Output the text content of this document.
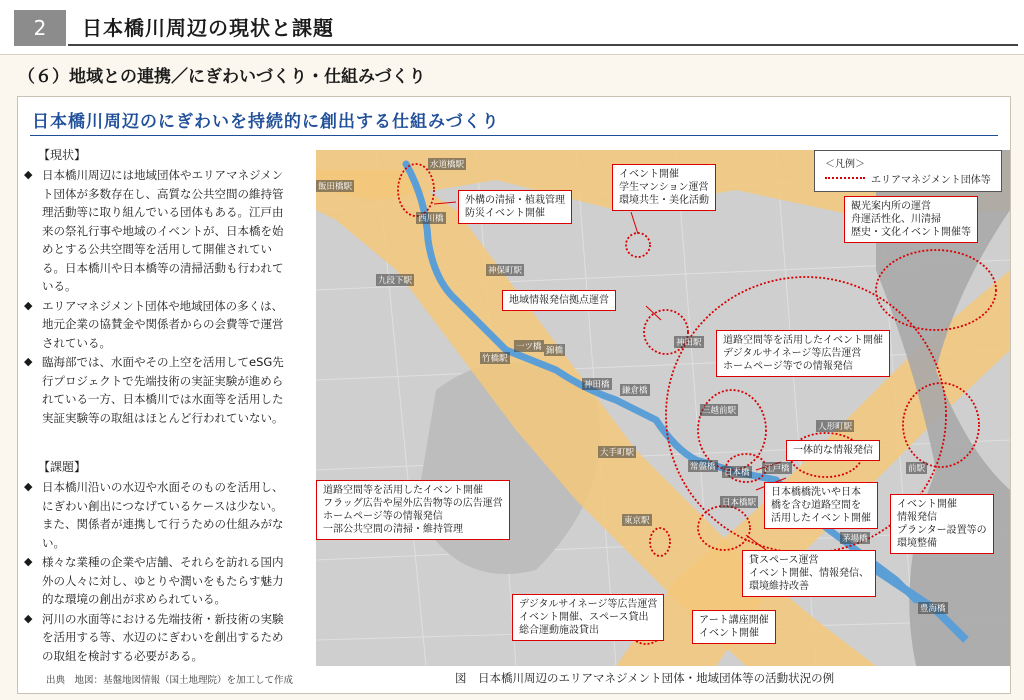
2	日本橋川周辺の現状と課題
（６）地域との連携／にぎわいづくり・仕組みづくり
日本橋川周辺のにぎわいを持続的に創出する仕組みづくり
【現状】
◆ 日本橋川周辺には地域団体やエリアマネジメント団体が多数存在し、高質な公共空間の維持管理活動等に取り組んでいる団体もある。江戸由来の祭礼行事や地域のイベントが、日本橋を始めとする公共空間等を活用して開催されている。日本橋川や日本橋等の清掃活動も行われている。
◆ エリアマネジメント団体や地域団体の多くは、地元企業の協賛金や関係者からの会費等で運営されている。
◆ 臨海部では、水面やその上空を活用してeSG先行プロジェクトで先端技術の実証実験が進められている一方、日本橋川では水面等を活用した実証実験等の取組はほとんど行われていない。
【課題】
◆ 日本橋川沿いの水辺や水面そのものを活用し、にぎわい創出につなげているケースは少ない。また、関係者が連携して行うための仕組みがない。
◆ 様々な業種の企業や店舗、それらを訪れる国内外の人々に対し、ゆとりや潤いをもたらす魅力的な環境の創出が求められている。
◆ 河川の水面等における先端技術・新技術の実験を活用する等、水辺のにぎわいを創出するための取組を検討する必要がある。
出典　地図：基盤地図情報（国土地理院）を加工して作成
水道橋駅
飯田橋駅
九段下駅
神保町駅
竹橋駅
神田駅
三越前駅
人形町駅
大手町駅
東京駅
日本橋駅
前駅
西川橋
一ツ橋 錦橋
神田橋
鎌倉橋
常盤橋
日本橋 江戸橋
茅場橋
豊海橋
＜凡例＞
エリアマネジメント団体等
外構の清掃・植栽管理
防災イベント開催
イベント開催
学生マンション運営
環境共生・美化活動
観光案内所の運営
舟運活性化、川清掃
歴史・文化イベント開催等
地域情報発信拠点運営
道路空間等を活用したイベント開催
デジタルサイネージ等広告運営
ホームページ等での情報発信
一体的な情報発信
道路空間等を活用したイベント開催
フラッグ広告や屋外広告物等の広告運営
ホームページ等の情報発信
一部公共空間の清掃・維持管理
日本橋橋洗いや日本
橋を含む道路空間を
活用したイベント開催
イベント開催
情報発信
プランター設置等の
環境整備
貸スペース運営
イベント開催、情報発信、
環境維持改善
デジタルサイネージ等広告運営
イベント開催、スペース貸出
総合運動施設貸出
アート講座開催
イベント開催
図　日本橋川周辺のエリアマネジメント団体・地域団体等の活動状況の例
